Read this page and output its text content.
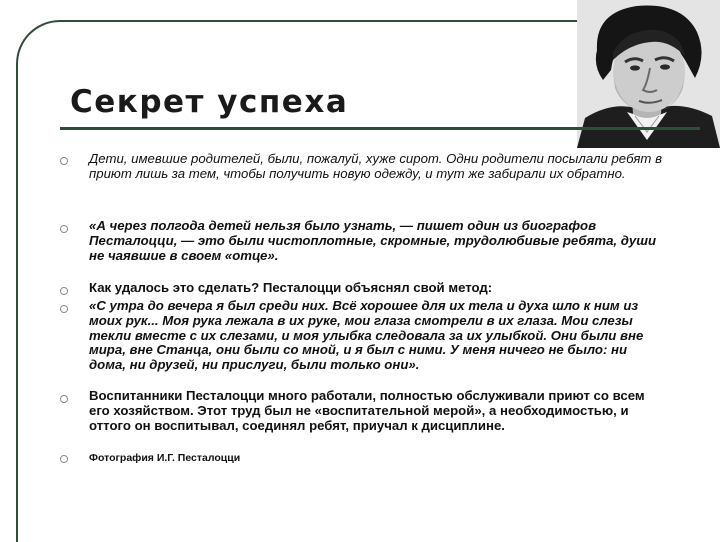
Секрет успеха
Дети, имевшие родителей, были, пожалуй, хуже сирот. Одни родители посылали ребят в приют лишь за тем, чтобы получить новую одежду, и тут же забирали их обратно.
«А через полгода детей нельзя было узнать, — пишет один из биографов Песталоцци, — это были чистоплотные, скромные, трудолюбивые ребята, души не чаявшие в своем «отце».
Как удалось это сделать? Песталоцци объяснял свой метод:
«С утра до вечера я был среди них. Всё хорошее для их тела и духа шло к ним из моих рук... Моя рука лежала в их руке, мои глаза смотрели в их глаза. Мои слезы текли вместе с их слезами, и моя улыбка следовала за их улыбкой. Они были вне мира, вне Станца, они были со мной, и я был с ними. У меня ничего не было: ни дома, ни друзей, ни прислуги, были только они».
Воспитанники Песталоцци много работали, полностью обслуживали приют со всем его хозяйством. Этот труд был не «воспитательной мерой», а необходимостью, и оттого он воспитывал, соединял ребят, приучал к дисциплине.
Фотография И.Г. Песталоцци
